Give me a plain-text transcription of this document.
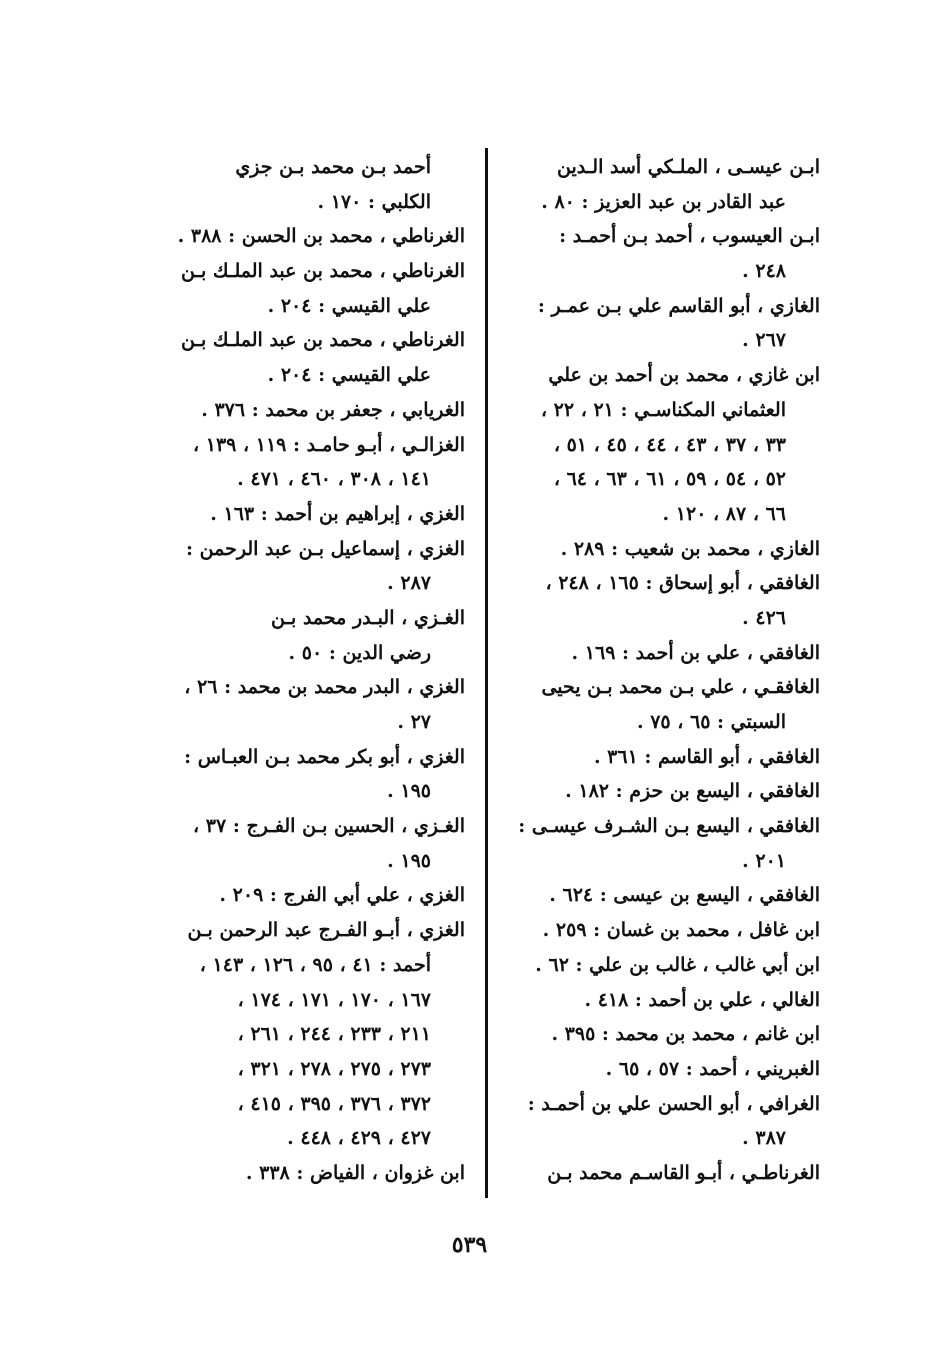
ابـن عيسـى ، الملـكي أسد الـدين
عبد القادر بن عبد العزيز : ٨٠ .
ابـن العيسوب ، أحمد بـن أحمـد :
٢٤٨ .
الغازي ، أبو القاسم علي بـن عمـر :
٢٦٧ .
ابن غازي ، محمد بن أحمد بن علي
العثماني المكناسـي : ٢١ ، ٢٢ ،
٣٣ ، ٣٧ ، ٤٣ ، ٤٤ ، ٤٥ ، ٥١ ،
٥٢ ، ٥٤ ، ٥٩ ، ٦١ ، ٦٣ ، ٦٤ ،
٦٦ ، ٨٧ ، ١٢٠ .
الغازي ، محمد بن شعيب : ٢٨٩ .
الغافقي ، أبو إسحاق : ١٦٥ ، ٢٤٨ ،
٤٢٦ .
الغافقي ، علي بن أحمد : ١٦٩ .
الغافقـي ، علي بـن محمد بـن يحيى
السبتي : ٦٥ ، ٧٥ .
الغافقي ، أبو القاسم : ٣٦١ .
الغافقي ، اليسع بن حزم : ١٨٢ .
الغافقي ، اليسع بـن الشـرف عيسـى :
٢٠١ .
الغافقي ، اليسع بن عيسى : ٦٢٤ .
ابن غافل ، محمد بن غسان : ٢٥٩ .
ابن أبي غالب ، غالب بن علي : ٦٢ .
الغالي ، علي بن أحمد : ٤١٨ .
ابن غانم ، محمد بن محمد : ٣٩٥ .
الغبريني ، أحمد : ٥٧ ، ٦٥ .
الغرافي ، أبو الحسن علي بن أحمـد :
٣٨٧ .
الغرناطـي ، أبـو القاسـم محمد بـن
أحمد بـن محمد بـن جزي
الكلبي : ١٧٠ .
الغرناطي ، محمد بن الحسن : ٣٨٨ .
الغرناطي ، محمد بن عبد الملـك بـن
علي القيسي : ٢٠٤ .
الغرناطي ، محمد بن عبد الملـك بـن
علي القيسي : ٢٠٤ .
الغريابي ، جعفر بن محمد : ٣٧٦ .
الغزالـي ، أبـو حامـد : ١١٩ ، ١٣٩ ،
١٤١ ، ٣٠٨ ، ٤٦٠ ، ٤٧١ .
الغزي ، إبراهيم بن أحمد : ١٦٣ .
الغزي ، إسماعيل بـن عبد الرحمن :
٢٨٧ .
الغـزي ، البـدر محمد بـن
رضي الدين : ٥٠ .
الغزي ، البدر محمد بن محمد : ٢٦ ،
٢٧ .
الغزي ، أبو بكر محمد بـن العبـاس :
١٩٥ .
الغـزي ، الحسين بـن الفـرج : ٣٧ ،
١٩٥ .
الغزي ، علي أبي الفرج : ٢٠٩ .
الغزي ، أبـو الفـرج عبد الرحمن بـن
أحمد : ٤١ ، ٩٥ ، ١٢٦ ، ١٤٣ ،
١٦٧ ، ١٧٠ ، ١٧١ ، ١٧٤ ،
٢١١ ، ٢٣٣ ، ٢٤٤ ، ٢٦١ ،
٢٧٣ ، ٢٧٥ ، ٢٧٨ ، ٣٢١ ،
٣٧٢ ، ٣٧٦ ، ٣٩٥ ، ٤١٥ ،
٤٢٧ ، ٤٢٩ ، ٤٤٨ .
ابن غزوان ، الفياض : ٣٣٨ .
٥٣٩
